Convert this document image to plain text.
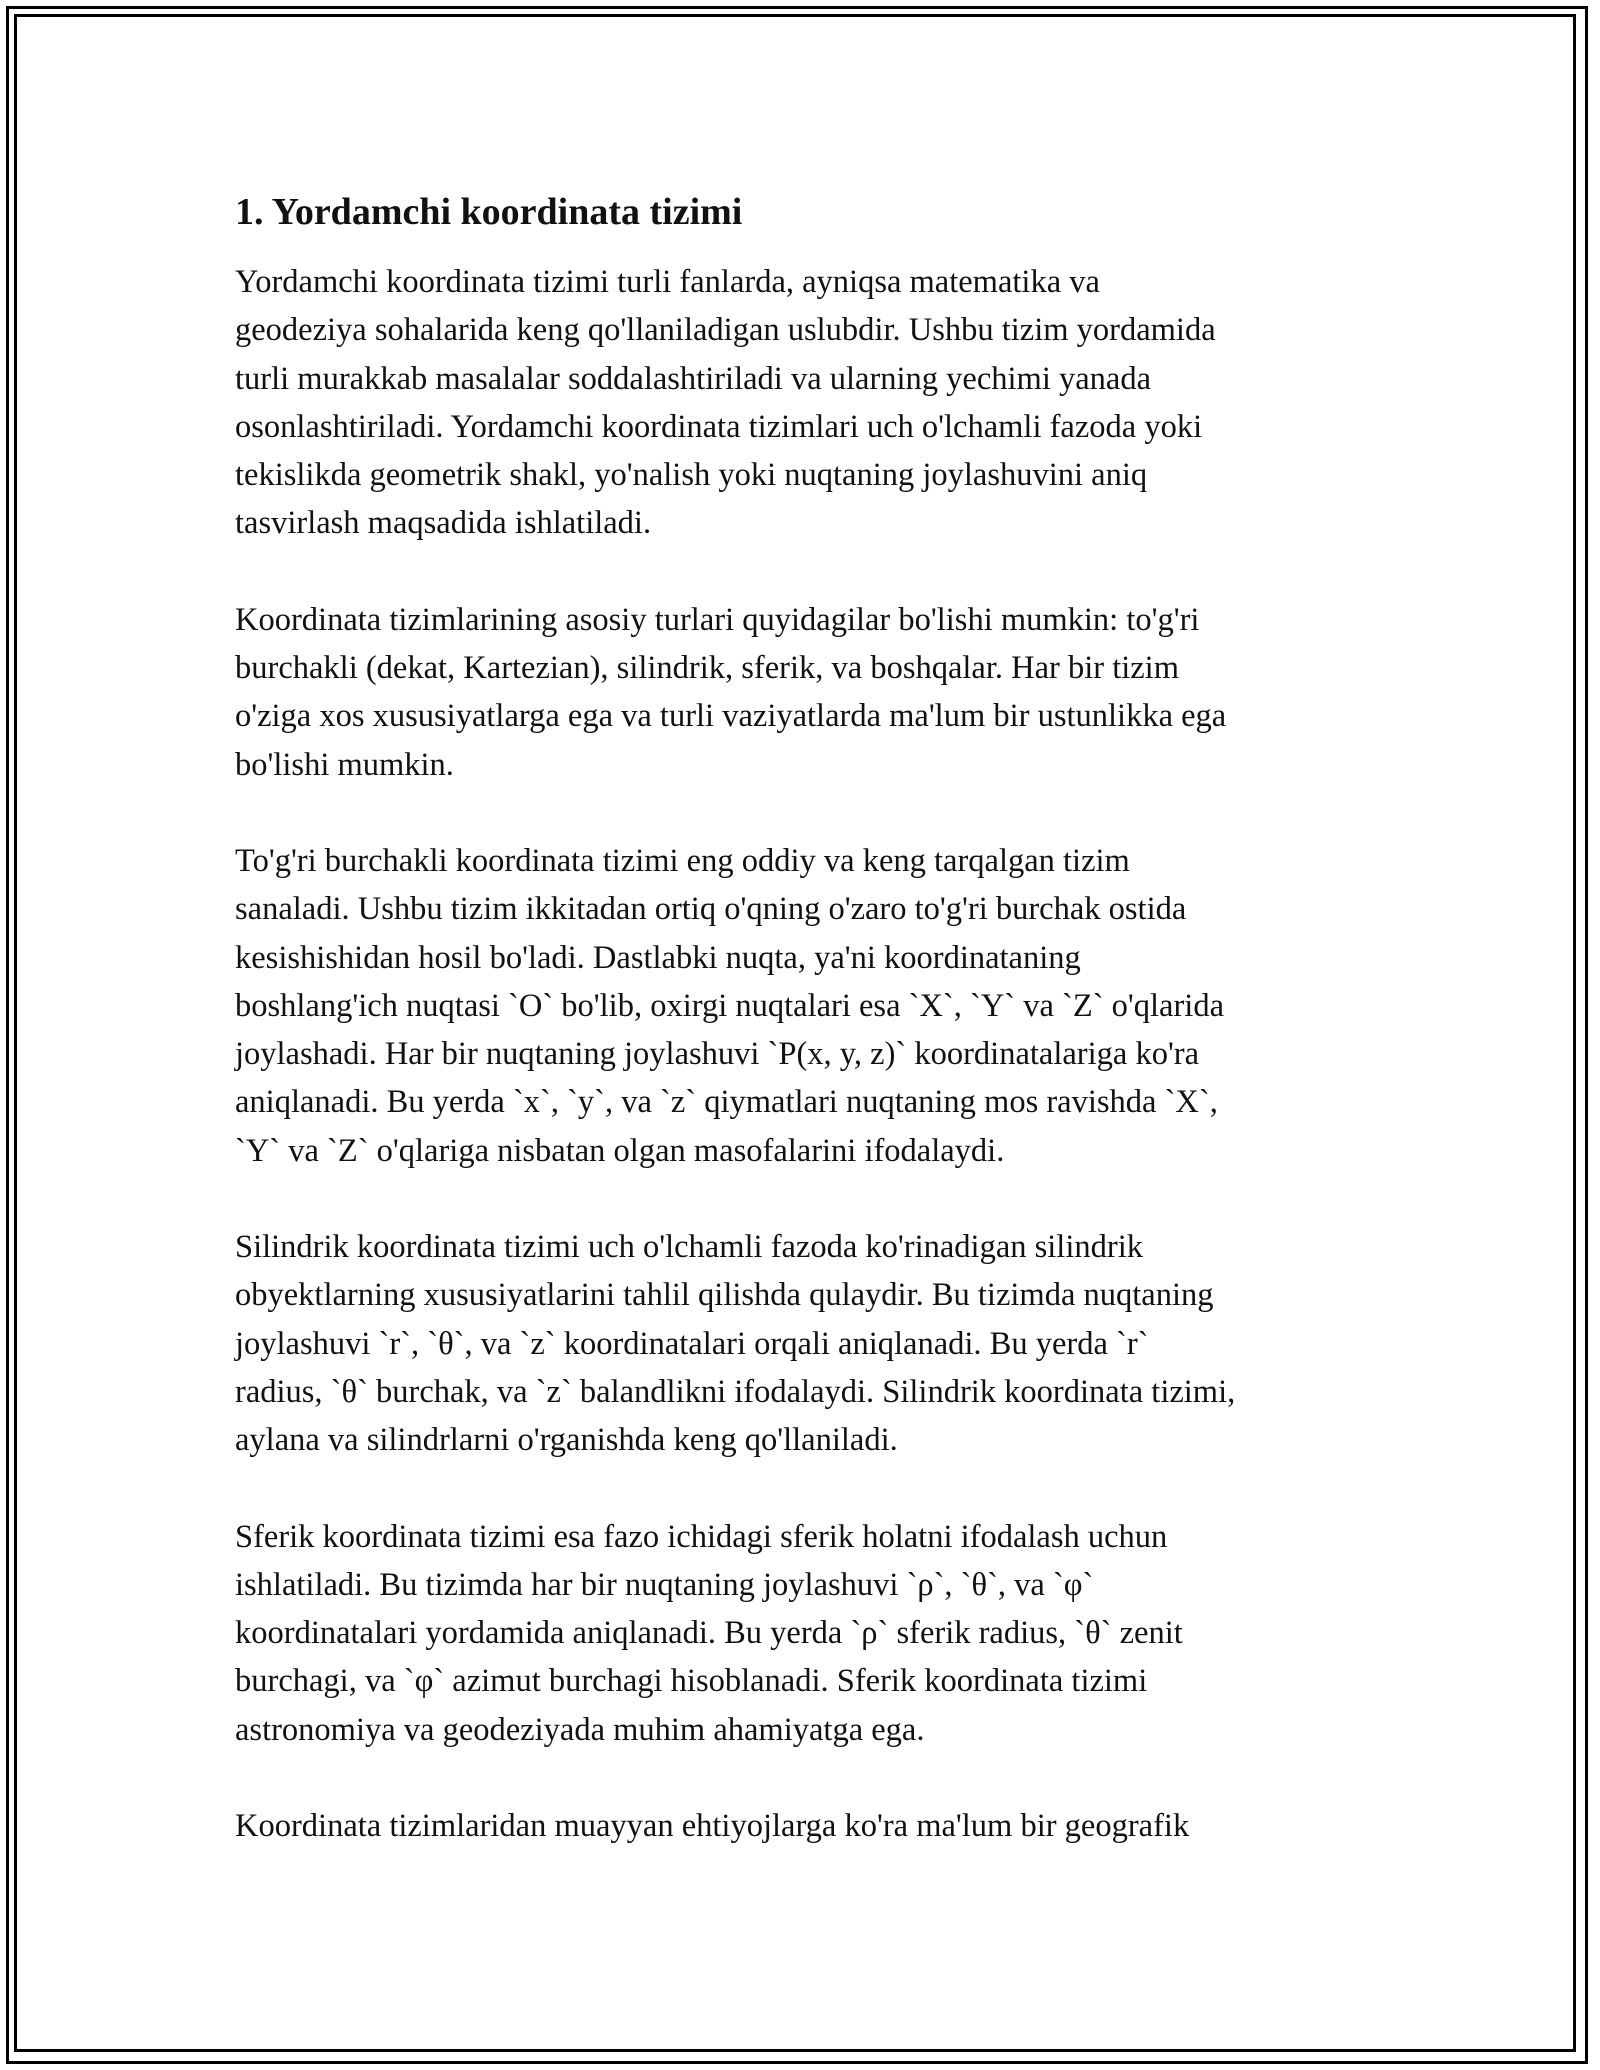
1. Yordamchi koordinata tizimi

Yordamchi koordinata tizimi turli fanlarda, ayniqsa matematika va
geodeziya sohalarida keng qo'llaniladigan uslubdir. Ushbu tizim yordamida
turli murakkab masalalar soddalashtiriladi va ularning yechimi yanada
osonlashtiriladi. Yordamchi koordinata tizimlari uch o'lchamli fazoda yoki
tekislikda geometrik shakl, yo'nalish yoki nuqtaning joylashuvini aniq
tasvirlash maqsadida ishlatiladi.

Koordinata tizimlarining asosiy turlari quyidagilar bo'lishi mumkin: to'g'ri
burchakli (dekat, Kartezian), silindrik, sferik, va boshqalar. Har bir tizim
o'ziga xos xususiyatlarga ega va turli vaziyatlarda ma'lum bir ustunlikka ega
bo'lishi mumkin.

To'g'ri burchakli koordinata tizimi eng oddiy va keng tarqalgan tizim
sanaladi. Ushbu tizim ikkitadan ortiq o'qning o'zaro to'g'ri burchak ostida
kesishishidan hosil bo'ladi. Dastlabki nuqta, ya'ni koordinataning
boshlang'ich nuqtasi `O` bo'lib, oxirgi nuqtalari esa `X`, `Y` va `Z` o'qlarida
joylashadi. Har bir nuqtaning joylashuvi `P(x, y, z)` koordinatalariga ko'ra
aniqlanadi. Bu yerda `x`, `y`, va `z` qiymatlari nuqtaning mos ravishda `X`,
`Y` va `Z` o'qlariga nisbatan olgan masofalarini ifodalaydi.

Silindrik koordinata tizimi uch o'lchamli fazoda ko'rinadigan silindrik
obyektlarning xususiyatlarini tahlil qilishda qulaydir. Bu tizimda nuqtaning
joylashuvi `r`, `θ`, va `z` koordinatalari orqali aniqlanadi. Bu yerda `r`
radius, `θ` burchak, va `z` balandlikni ifodalaydi. Silindrik koordinata tizimi,
aylana va silindrlarni o'rganishda keng qo'llaniladi.

Sferik koordinata tizimi esa fazo ichidagi sferik holatni ifodalash uchun
ishlatiladi. Bu tizimda har bir nuqtaning joylashuvi `ρ`, `θ`, va `φ`
koordinatalari yordamida aniqlanadi. Bu yerda `ρ` sferik radius, `θ` zenit
burchagi, va `φ` azimut burchagi hisoblanadi. Sferik koordinata tizimi
astronomiya va geodeziyada muhim ahamiyatga ega.

Koordinata tizimlaridan muayyan ehtiyojlarga ko'ra ma'lum bir geografik
